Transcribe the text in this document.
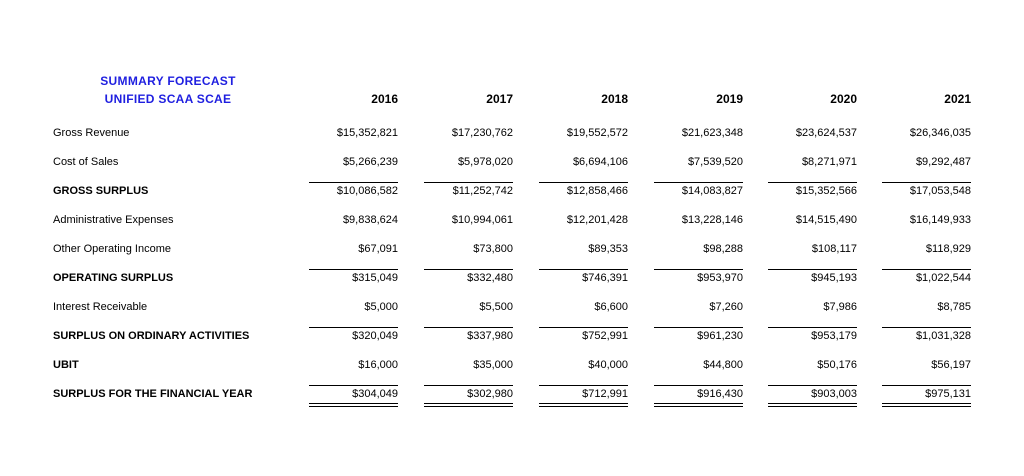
SUMMARY FORECAST
UNIFIED SCAA SCAE	2016	2017	2018	2019	2020	2021
Gross Revenue	$15,352,821	$17,230,762	$19,552,572	$21,623,348	$23,624,537	$26,346,035
Cost of Sales	$5,266,239	$5,978,020	$6,694,106	$7,539,520	$8,271,971	$9,292,487
GROSS SURPLUS	$10,086,582	$11,252,742	$12,858,466	$14,083,827	$15,352,566	$17,053,548
Administrative Expenses	$9,838,624	$10,994,061	$12,201,428	$13,228,146	$14,515,490	$16,149,933
Other Operating Income	$67,091	$73,800	$89,353	$98,288	$108,117	$118,929
OPERATING SURPLUS	$315,049	$332,480	$746,391	$953,970	$945,193	$1,022,544
Interest Receivable	$5,000	$5,500	$6,600	$7,260	$7,986	$8,785
SURPLUS ON ORDINARY ACTIVITIES	$320,049	$337,980	$752,991	$961,230	$953,179	$1,031,328
UBIT	$16,000	$35,000	$40,000	$44,800	$50,176	$56,197
SURPLUS FOR THE FINANCIAL YEAR	$304,049	$302,980	$712,991	$916,430	$903,003	$975,131
